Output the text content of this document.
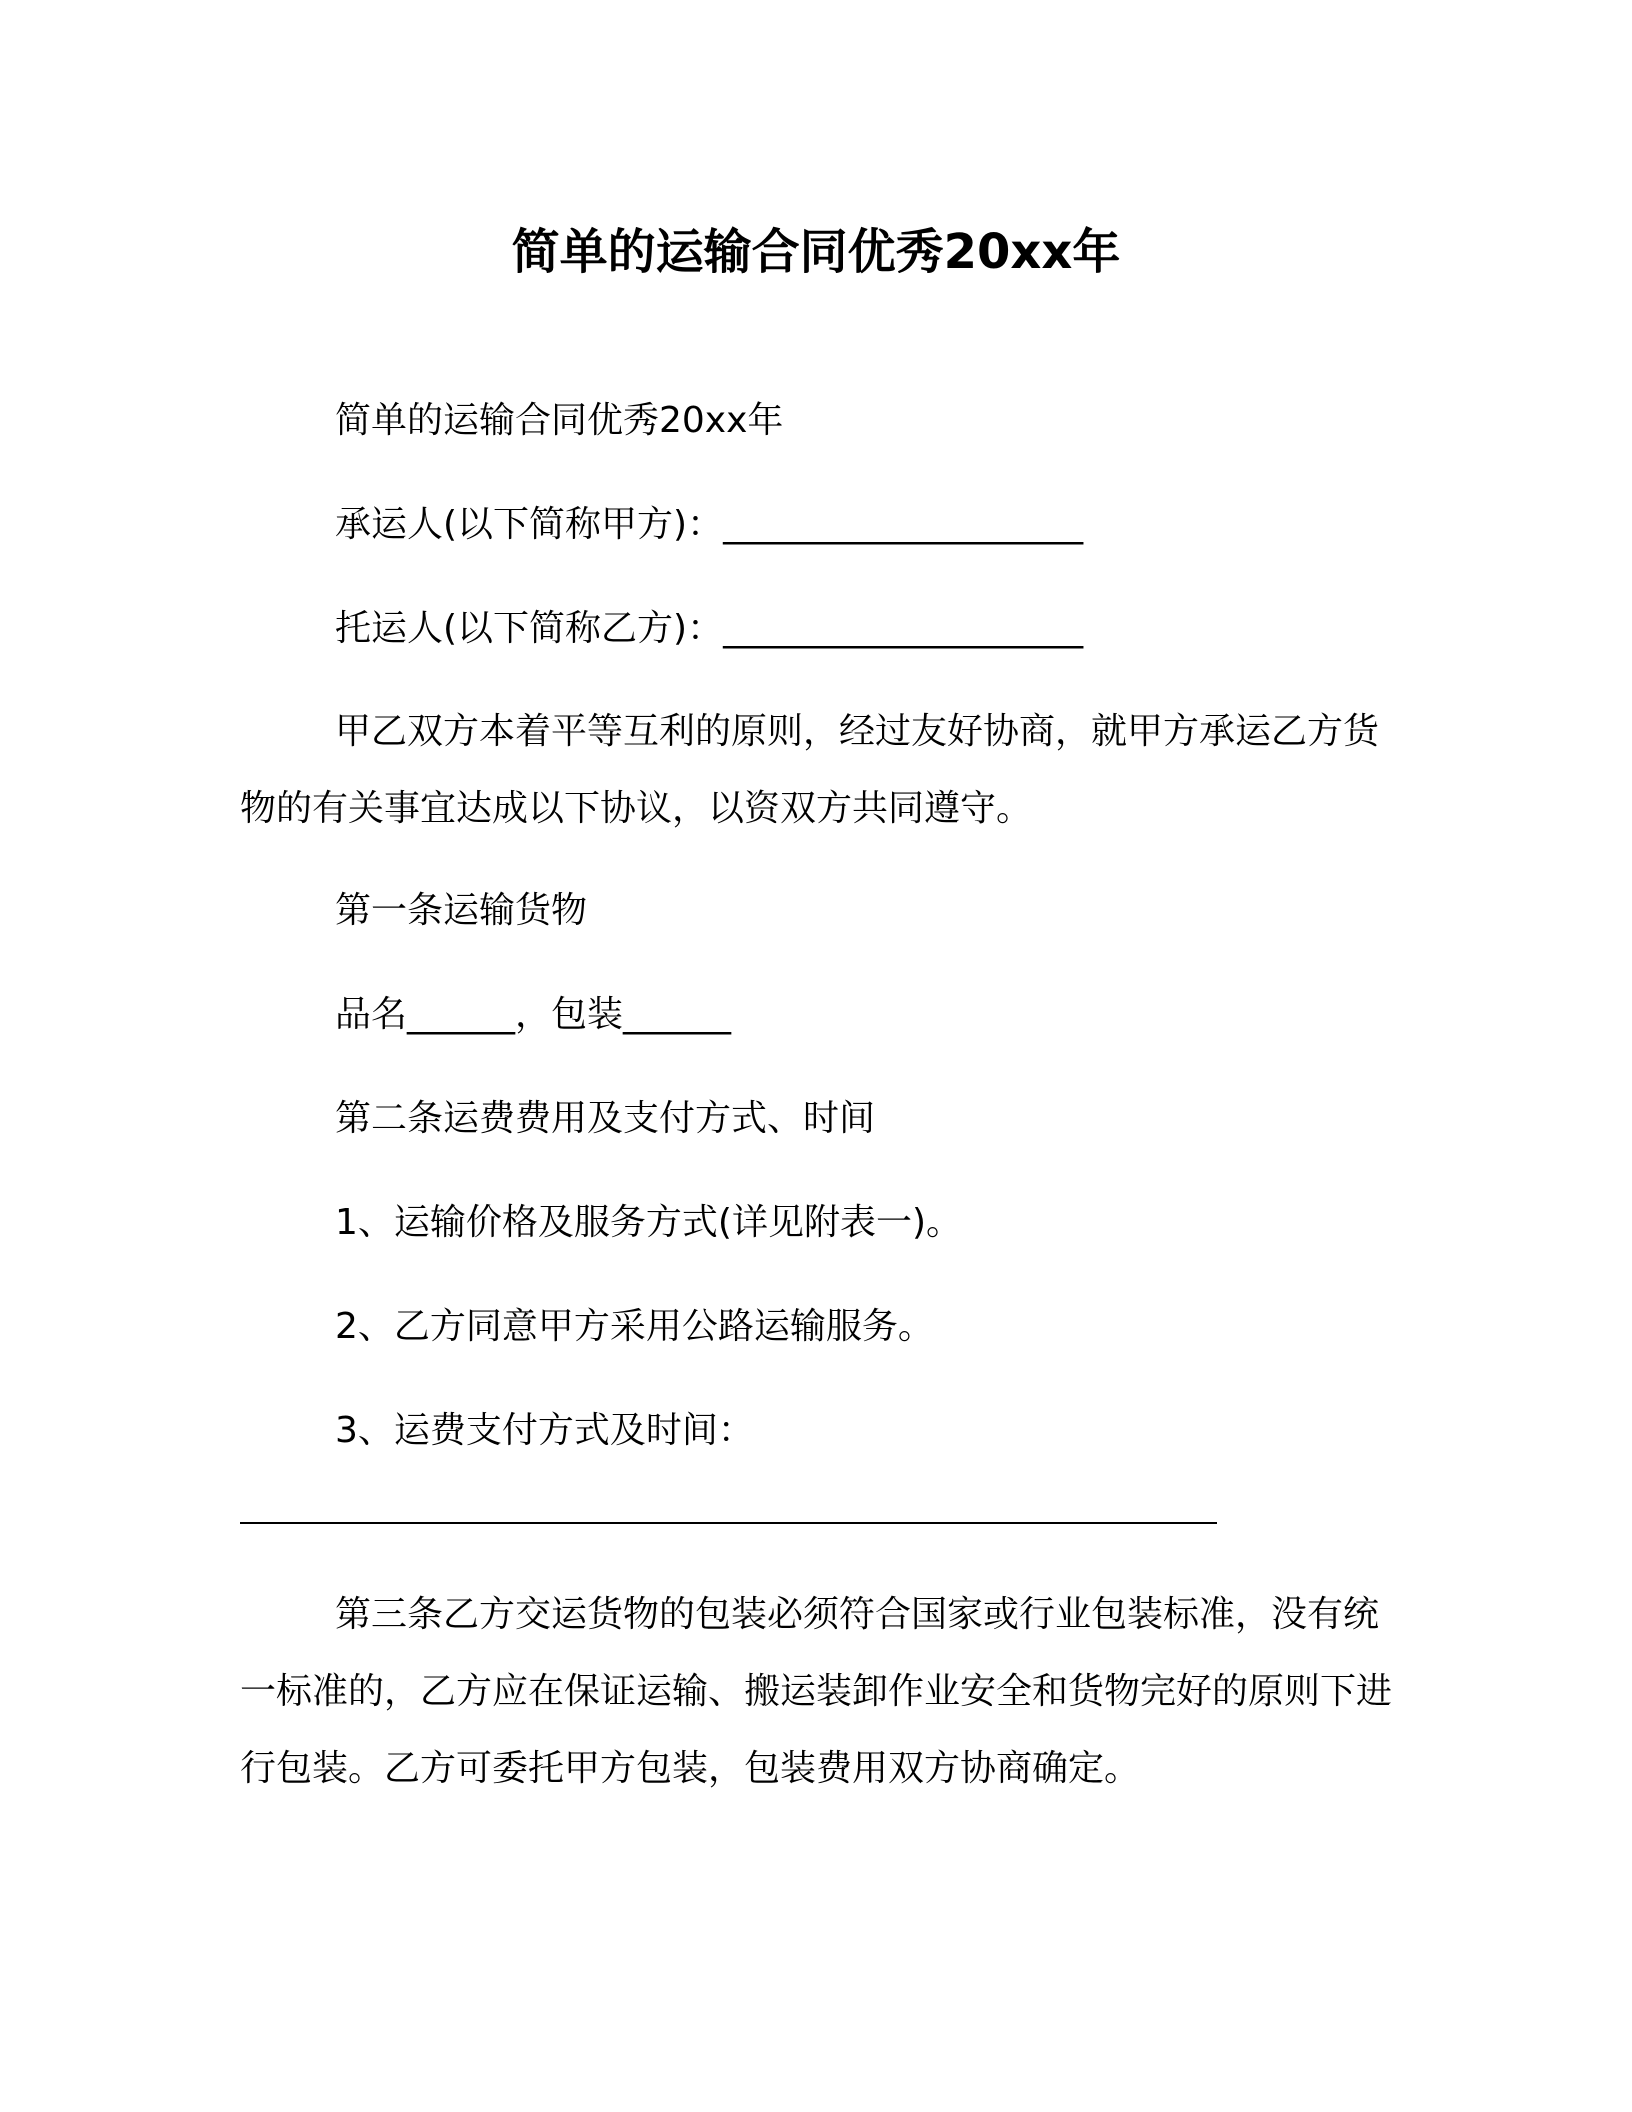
简单的运输合同优秀20xx年
简单的运输合同优秀20xx年
承运人(以下简称甲方)：____________________
托运人(以下简称乙方)：____________________
甲乙双方本着平等互利的原则，经过友好协商，就甲方承运乙方货物的有关事宜达成以下协议，以资双方共同遵守。
第一条运输货物
品名______，包装______
第二条运费费用及支付方式、时间
1、运输价格及服务方式(详见附表一)。
2、乙方同意甲方采用公路运输服务。
3、运费支付方式及时间：
第三条乙方交运货物的包装必须符合国家或行业包装标准，没有统一标准的，乙方应在保证运输、搬运装卸作业安全和货物完好的原则下进行包装。乙方可委托甲方包装，包装费用双方协商确定。
